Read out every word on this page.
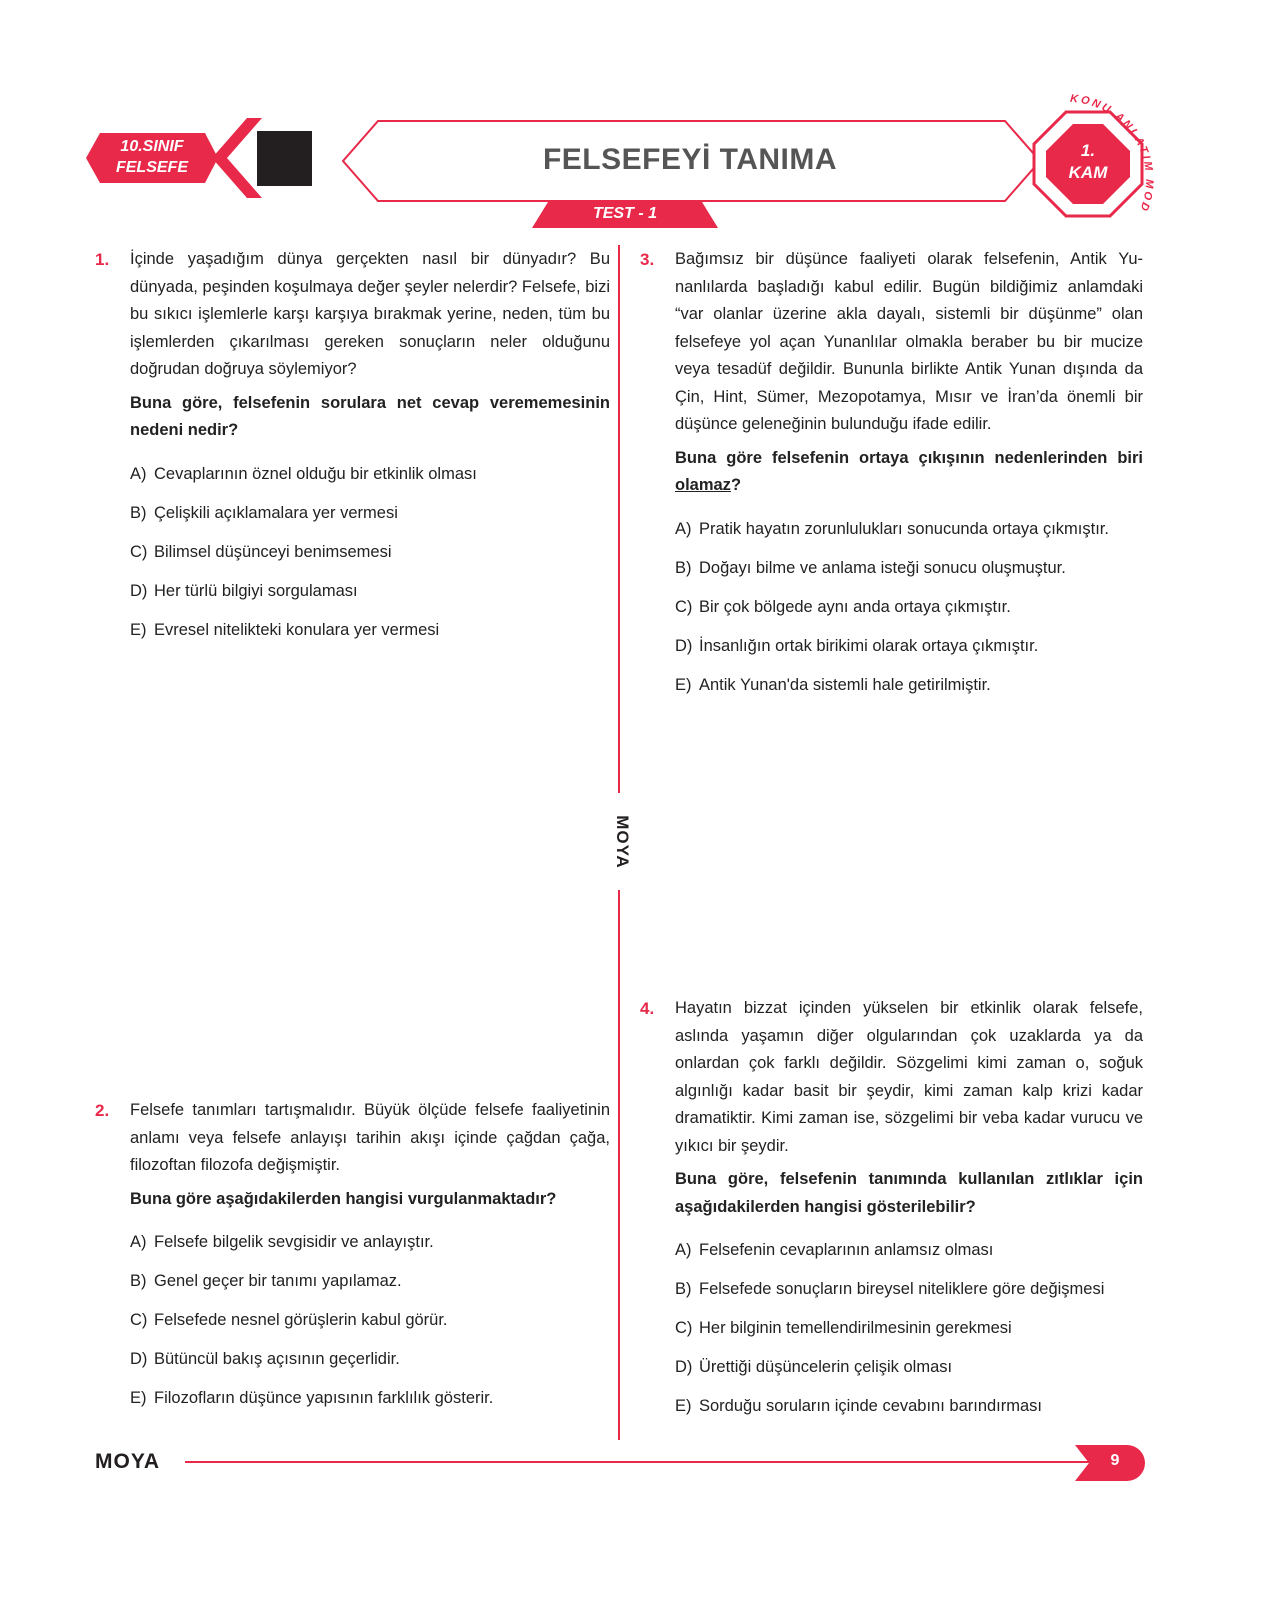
10.SINIF
FELSEFE	FELSEFEYİ TANIMA
TEST - 1
1.
KAM
KONU ANLATIM MODÜLÜ
MOYA
1. İçinde yaşadığım dünya gerçekten nasıl bir dünyadır? Bu dünyada, peşinden koşulmaya değer şeyler nelerdir? Felsefe, bizi bu sıkıcı işlemlerle karşı karşıya bırakmak yerine, neden, tüm bu işlemlerden çıkarılması gereken sonuçların neler olduğunu doğrudan doğruya söylemiyor?

Buna göre, felsefenin sorulara net cevap verememesinin nedeni nedir?

A) Cevaplarının öznel olduğu bir etkinlik olması
B) Çelişkili açıklamalara yer vermesi
C) Bilimsel düşünceyi benimsemesi
D) Her türlü bilgiyi sorgulaması
E) Evresel nitelikteki konulara yer vermesi
2. Felsefe tanımları tartışmalıdır. Büyük ölçüde felsefe faaliyetinin anlamı veya felsefe anlayışı tarihin akışı içinde çağdan çağa, filozoftan filozofa değişmiştir.

Buna göre aşağıdakilerden hangisi vurgulanmaktadır?

A) Felsefe bilgelik sevgisidir ve anlayıştır.
B) Genel geçer bir tanımı yapılamaz.
C) Felsefede nesnel görüşlerin kabul görür.
D) Bütüncül bakış açısının geçerlidir.
E) Filozofların düşünce yapısının farklılık gösterir.
3. Bağımsız bir düşünce faaliyeti olarak felsefenin, Antik Yunanlılarda başladığı kabul edilir. Bugün bildiğimiz anlamdaki “var olanlar üzerine akla dayalı, sistemli bir düşünme” olan felsefeye yol açan Yunanlılar olmakla beraber bu bir mucize veya tesadüf değildir. Bununla birlikte Antik Yunan dışında da Çin, Hint, Sümer, Mezopotamya, Mısır ve İran’da önemli bir düşünce geleneğinin bulunduğu ifade edilir.

Buna göre felsefenin ortaya çıkışının nedenlerinden biri olamaz?

A) Pratik hayatın zorunlulukları sonucunda ortaya çıkmıştır.
B) Doğayı bilme ve anlama isteği sonucu oluşmuştur.
C) Bir çok bölgede aynı anda ortaya çıkmıştır.
D) İnsanlığın ortak birikimi olarak ortaya çıkmıştır.
E) Antik Yunan'da sistemli hale getirilmiştir.
4. Hayatın bizzat içinden yükselen bir etkinlik olarak felsefe, aslında yaşamın diğer olgularından çok uzaklarda ya da onlardan çok farklı değildir. Sözgelimi kimi zaman o, soğuk algınlığı kadar basit bir şeydir, kimi zaman kalp krizi kadar dramatiktir. Kimi zaman ise, sözgelimi bir veba kadar vurucu ve yıkıcı bir şeydir.

Buna göre, felsefenin tanımında kullanılan zıtlıklar için aşağıdakilerden hangisi gösterilebilir?

A) Felsefenin cevaplarının anlamsız olması
B) Felsefede sonuçların bireysel niteliklere göre değişmesi
C) Her bilginin temellendirilmesinin gerekmesi
D) Ürettiği düşüncelerin çelişik olması
E) Sorduğu soruların içinde cevabını barındırması
MOYA	9
